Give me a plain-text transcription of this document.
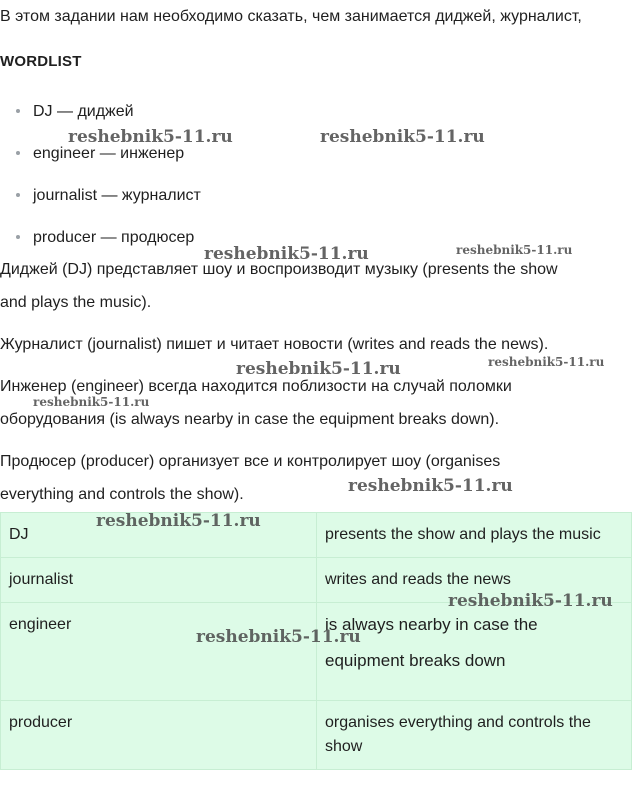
В этом задании нам необходимо сказать, чем занимается диджей, журналист,
WORDLIST
DJ — диджей
engineer — инженер
journalist — журналист
producer — продюсер
Диджей (DJ) представляет шоу и воспроизводит музыку (presents the show
and plays the music).
Журналист (journalist) пишет и читает новости (writes and reads the news).
Инженер (engineer) всегда находится поблизости на случай поломки
оборудования (is always nearby in case the equipment breaks down).
Продюсер (producer) организует все и контролирует шоу (organises
everything and controls the show).
DJ	presents the show and plays the music
journalist	writes and reads the news
engineer	is always nearby in case the equipment breaks down
producer	organises everything and controls the show
reshebnik5-11.ru	reshebnik5-11.ru
reshebnik5-11.ru	reshebnik5-11.ru
reshebnik5-11.ru	reshebnik5-11.ru
reshebnik5-11.ru
reshebnik5-11.ru
reshebnik5-11.ru
reshebnik5-11.ru
reshebnik5-11.ru
